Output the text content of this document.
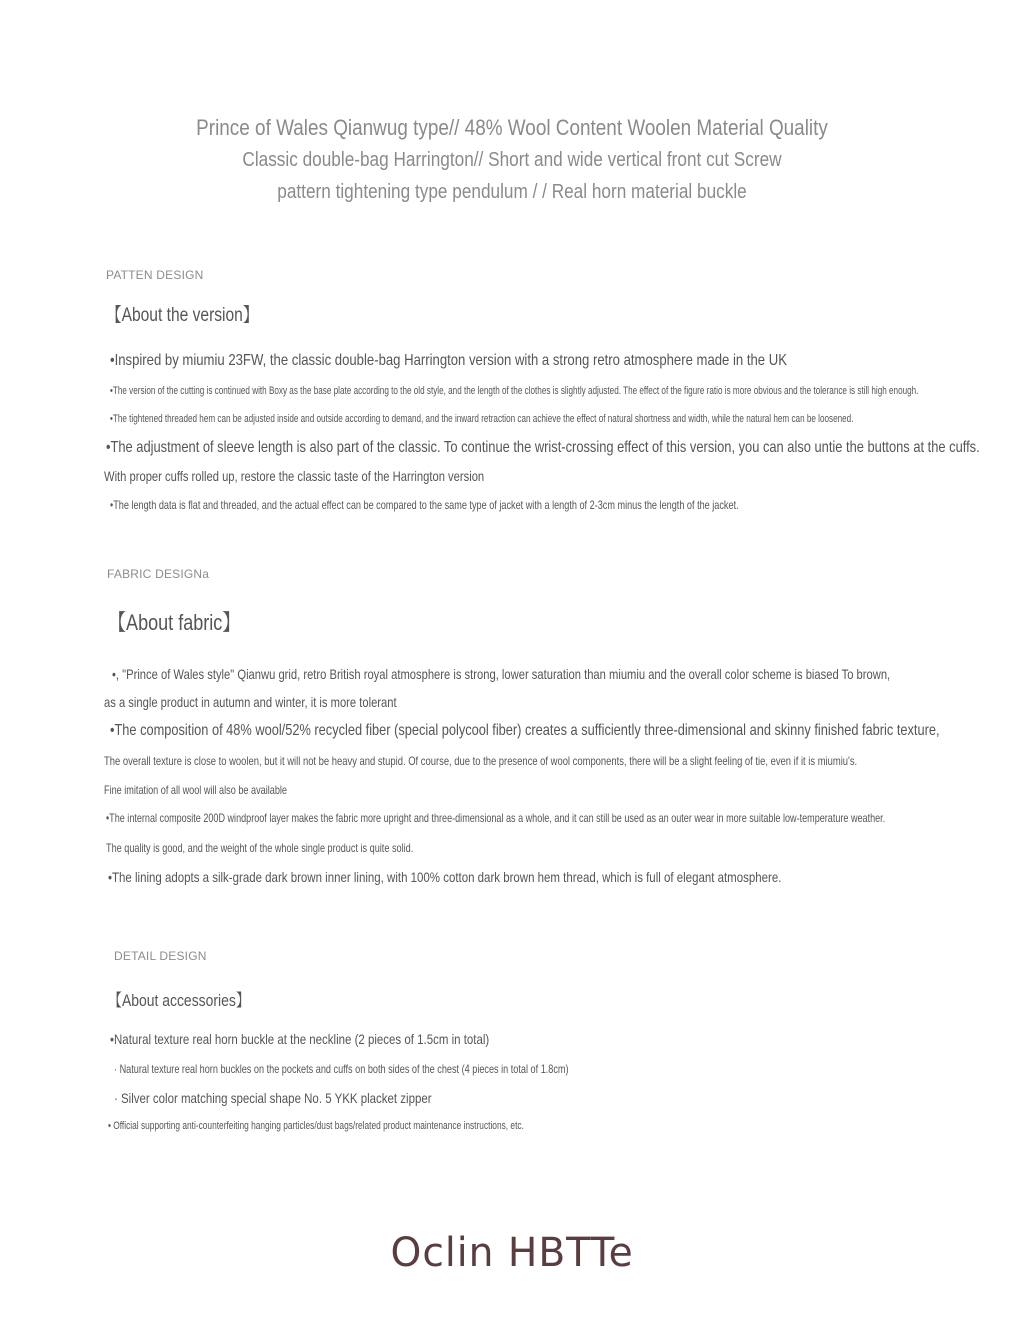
Prince of Wales Qianwug type// 48% Wool Content Woolen Material Quality
Classic double-bag Harrington// Short and wide vertical front cut Screw
pattern tightening type pendulum / / Real horn material buckle
PATTEN DESIGN
【About the version】
•Inspired by miumiu 23FW, the classic double-bag Harrington version with a strong retro atmosphere made in the UK
•The version of the cutting is continued with Boxy as the base plate according to the old style, and the length of the clothes is slightly adjusted. The effect of the figure ratio is more obvious and the tolerance is still high enough.
•The tightened threaded hem can be adjusted inside and outside according to demand, and the inward retraction can achieve the effect of natural shortness and width, while the natural hem can be loosened.
•The adjustment of sleeve length is also part of the classic. To continue the wrist-crossing effect of this version, you can also untie the buttons at the cuffs.
With proper cuffs rolled up, restore the classic taste of the Harrington version
•The length data is flat and threaded, and the actual effect can be compared to the same type of jacket with a length of 2-3cm minus the length of the jacket.
FABRIC DESIGNa
【About fabric】
•, "Prince of Wales style" Qianwu grid, retro British royal atmosphere is strong, lower saturation than miumiu and the overall color scheme is biased To brown,
as a single product in autumn and winter, it is more tolerant
•The composition of 48% wool/52% recycled fiber (special polycool fiber) creates a sufficiently three-dimensional and skinny finished fabric texture,
The overall texture is close to woolen, but it will not be heavy and stupid. Of course, due to the presence of wool components, there will be a slight feeling of tie, even if it is miumiu's.
Fine imitation of all wool will also be available
•The internal composite 200D windproof layer makes the fabric more upright and three-dimensional as a whole, and it can still be used as an outer wear in more suitable low-temperature weather.
The quality is good, and the weight of the whole single product is quite solid.
•The lining adopts a silk-grade dark brown inner lining, with 100% cotton dark brown hem thread, which is full of elegant atmosphere.
DETAIL DESIGN
【About accessories】
•Natural texture real horn buckle at the neckline (2 pieces of 1.5cm in total)
· Natural texture real horn buckles on the pockets and cuffs on both sides of the chest (4 pieces in total of 1.8cm)
· Silver color matching special shape No. 5 YKK placket zipper
• Official supporting anti-counterfeiting hanging particles/dust bags/related product maintenance instructions, etc.
Oclin HBTTe
